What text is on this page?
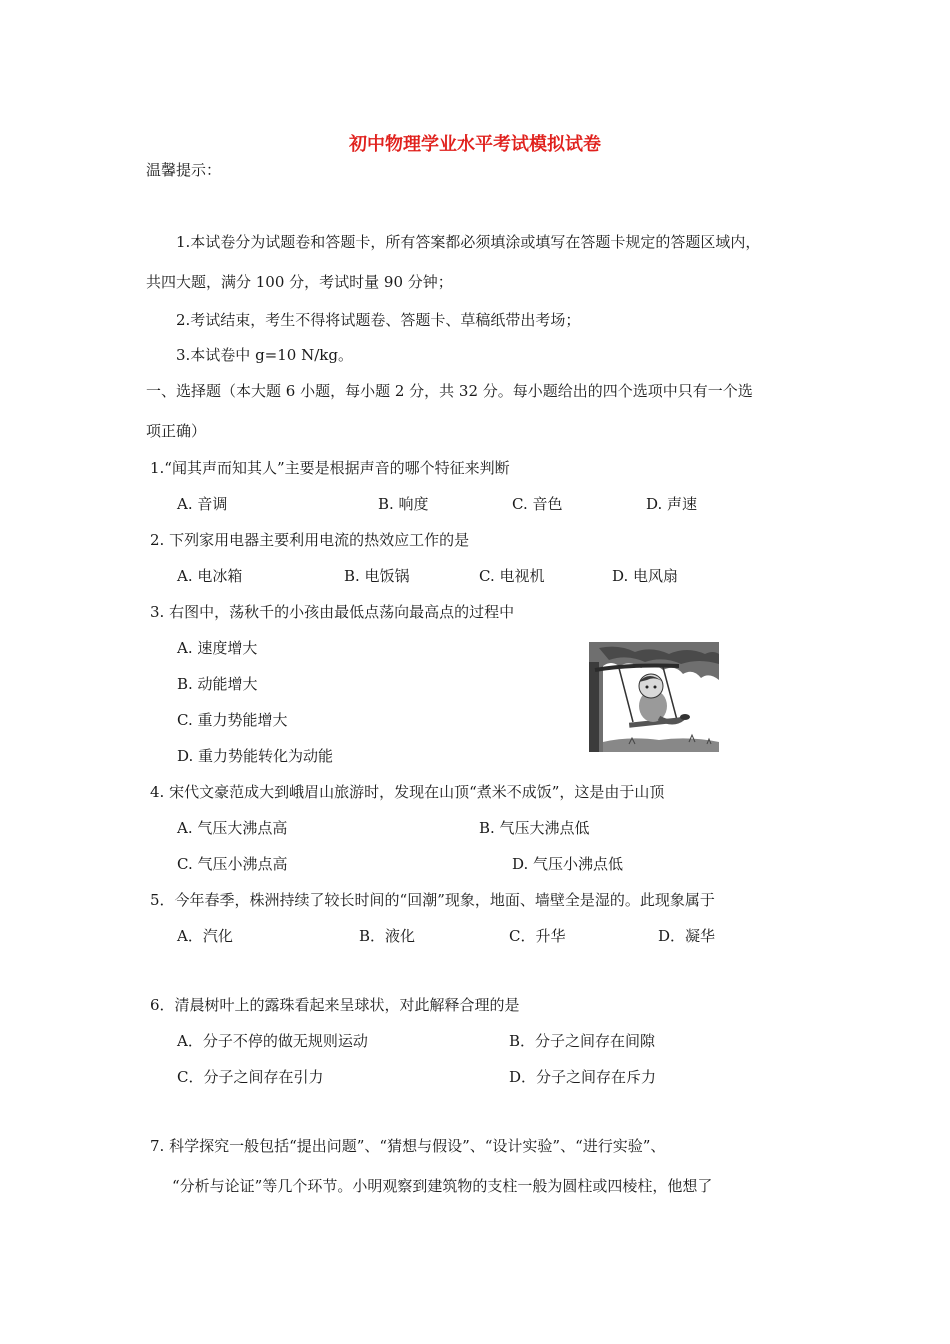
初中物理学业水平考试模拟试卷
温馨提示：
1.本试卷分为试题卷和答题卡，所有答案都必须填涂或填写在答题卡规定的答题区域内，
共四大题，满分 100 分，考试时量 90 分钟；
2.考试结束，考生不得将试题卷、答题卡、草稿纸带出考场；
3.本试卷中 g=10 N/kg。
一、选择题（本大题 6 小题，每小题 2 分，共 32 分。每小题给出的四个选项中只有一个选
项正确）
1.“闻其声而知其人”主要是根据声音的哪个特征来判断
A. 音调	B. 响度	C. 音色	D. 声速
2. 下列家用电器主要利用电流的热效应工作的是
A. 电冰箱	B. 电饭锅	C. 电视机	D. 电风扇
3. 右图中，荡秋千的小孩由最低点荡向最高点的过程中
A. 速度增大
B. 动能增大
C. 重力势能增大
D. 重力势能转化为动能
4. 宋代文豪范成大到峨眉山旅游时，发现在山顶“煮米不成饭”，这是由于山顶
A. 气压大沸点高	B. 气压大沸点低
C. 气压小沸点高	D. 气压小沸点低
5．今年春季，株洲持续了较长时间的“回潮”现象，地面、墙壁全是湿的。此现象属于
A．汽化	B．液化	C．升华	D．凝华
6．清晨树叶上的露珠看起来呈球状，对此解释合理的是
A．分子不停的做无规则运动	B．分子之间存在间隙
C．分子之间存在引力	D．分子之间存在斥力
7. 科学探究一般包括“提出问题”、“猜想与假设”、“设计实验”、“进行实验”、
“分析与论证”等几个环节。小明观察到建筑物的支柱一般为圆柱或四棱柱，他想了
